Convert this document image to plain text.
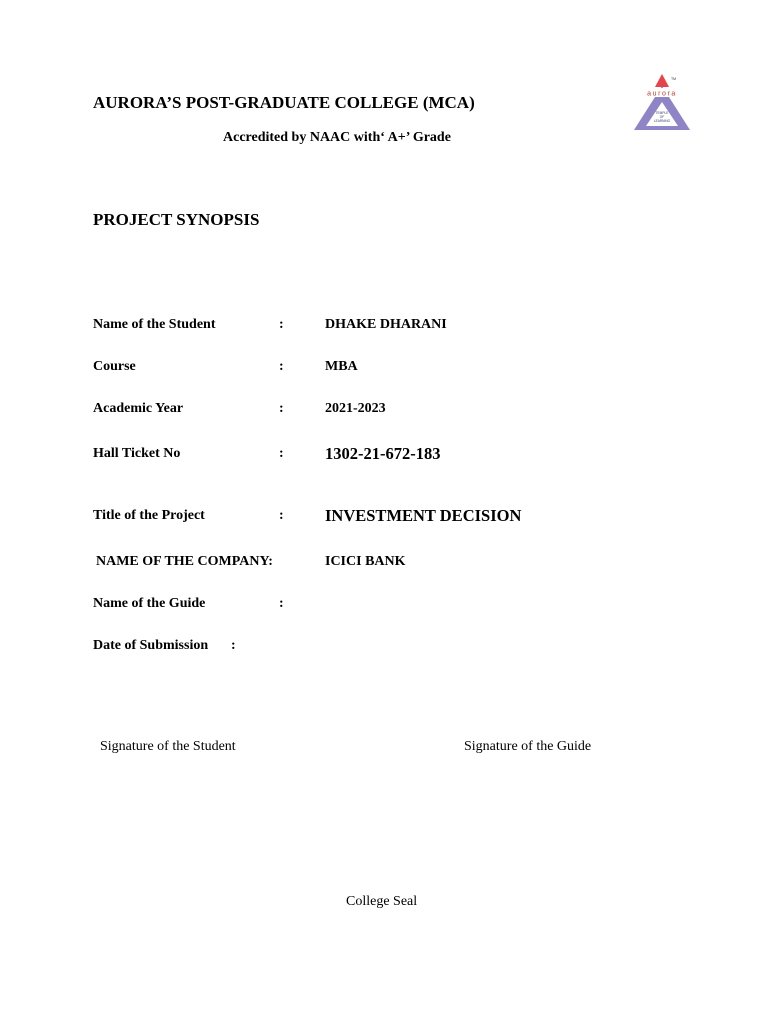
AURORA’S POST-GRADUATE COLLEGE (MCA)
Accredited by NAAC with‘ A+’ Grade
aurora
TM
TEMPLE
OF
LEARNING
PROJECT SYNOPSIS
Name of the Student	:	DHAKE DHARANI
Course	:	MBA
Academic Year	:	2021-2023
Hall Ticket No	:	1302-21-672-183
Title of the Project	:	INVESTMENT DECISION
NAME OF THE COMPANY:	ICICI BANK
Name of the Guide	:
Date of Submission :
Signature of the Student	Signature of the Guide
College Seal
